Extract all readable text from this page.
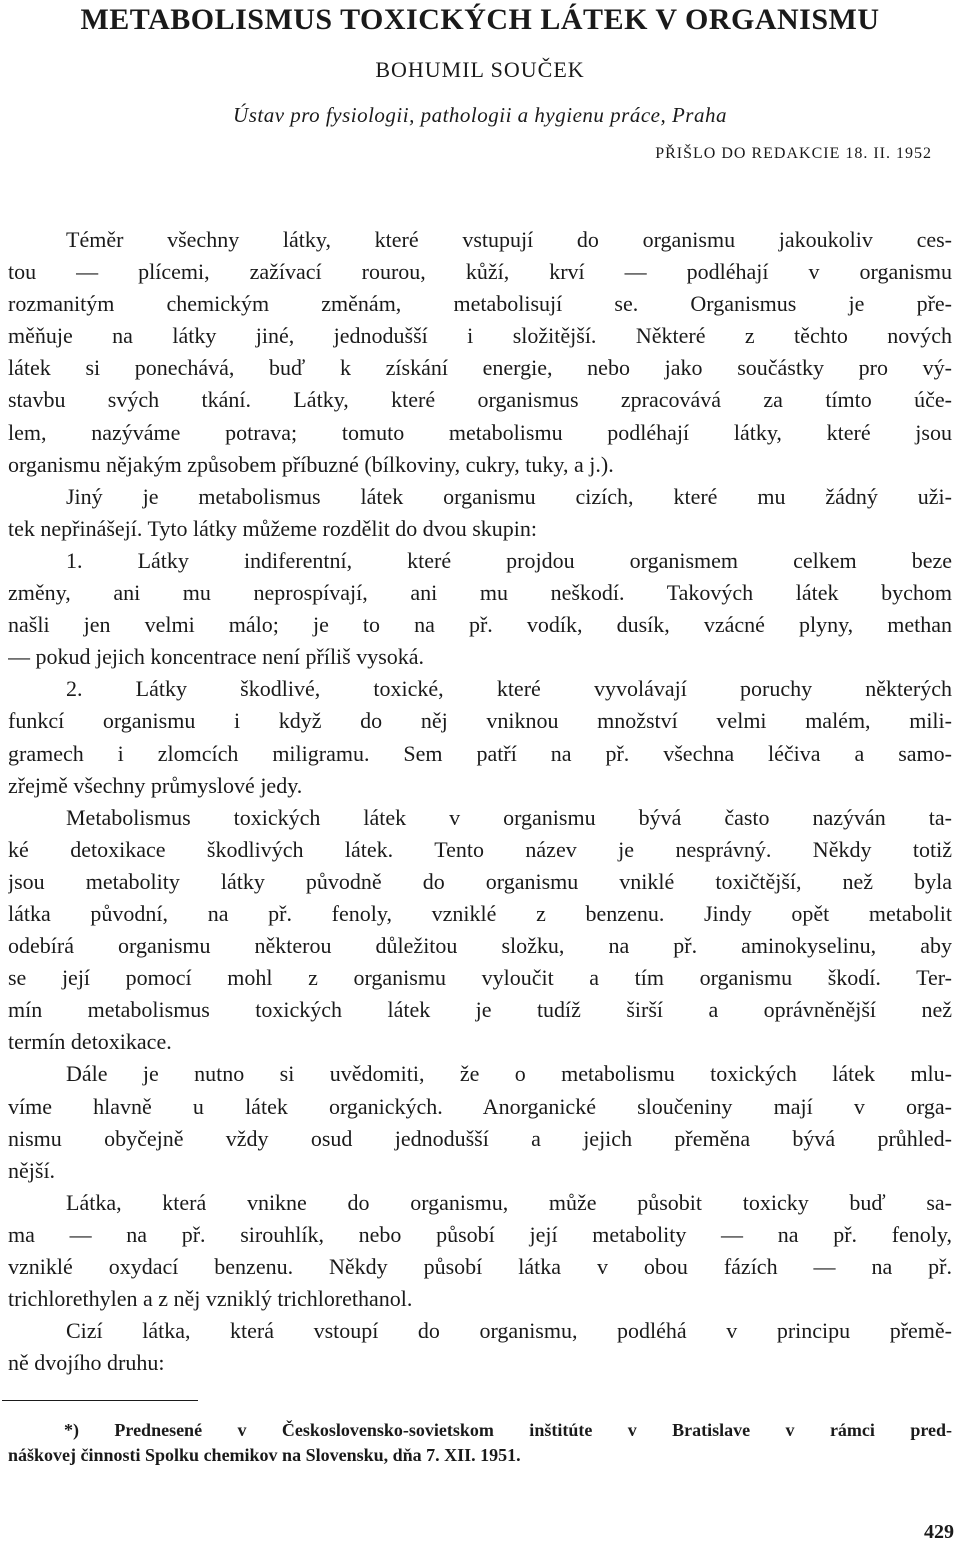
METABOLISMUS TOXICKÝCH LÁTEK V ORGANISMU
BOHUMIL SOUČEK
Ústav pro fysiologii, pathologii a hygienu práce, Praha
PŘIŠLO DO REDAKCIE 18. II. 1952
Téměr všechny látky, které vstupují do organismu jakoukoliv ces-
tou — plícemi, zažívací rourou, kůží, krví — podléhají v organismu
rozmanitým chemickým změnám, metabolisují se. Organismus je pře-
měňuje na látky jiné, jednodušší i složitější. Některé z těchto nových
látek si ponechává, buď k získání energie, nebo jako součástky pro vý-
stavbu svých tkání. Látky, které organismus zpracovává za tímto úče-
lem, nazýváme potrava; tomuto metabolismu podléhají látky, které jsou
organismu nějakým způsobem příbuzné (bílkoviny, cukry, tuky, a j.).
Jiný je metabolismus látek organismu cizích, které mu žádný uži-
tek nepřinášejí. Tyto látky můžeme rozdělit do dvou skupin:
1. Látky indiferentní, které projdou organismem celkem beze
změny, ani mu neprospívají, ani mu neškodí. Takových látek bychom
našli jen velmi málo; je to na př. vodík, dusík, vzácné plyny, methan
— pokud jejich koncentrace není příliš vysoká.
2. Látky škodlivé, toxické, které vyvolávají poruchy některých
funkcí organismu i když do něj vniknou množství velmi malém, mili-
gramech i zlomcích miligramu. Sem patří na př. všechna léčiva a samo-
zřejmě všechny průmyslové jedy.
Metabolismus toxických látek v organismu bývá často nazýván ta-
ké detoxikace škodlivých látek. Tento název je nesprávný. Někdy totiž
jsou metabolity látky původně do organismu vniklé toxičtější, než byla
látka původní, na př. fenoly, vzniklé z benzenu. Jindy opět metabolit
odebírá organismu některou důležitou složku, na př. aminokyselinu, aby
se její pomocí mohl z organismu vyloučit a tím organismu škodí. Ter-
mín metabolismus toxických látek je tudíž širší a oprávněnější než
termín detoxikace.
Dále je nutno si uvědomiti, že o metabolismu toxických látek mlu-
víme hlavně u látek organických. Anorganické sloučeniny mají v orga-
nismu obyčejně vždy osud jednodušší a jejich přeměna bývá průhled-
nější.
Látka, která vnikne do organismu, může působit toxicky buď sa-
ma — na př. sirouhlík, nebo působí její metabolity — na př. fenoly,
vzniklé oxydací benzenu. Někdy působí látka v obou fázích — na př.
trichlorethylen a z něj vzniklý trichlorethanol.
Cizí látka, která vstoupí do organismu, podléhá v principu přemě-
ně dvojího druhu:
*) Prednesené v Československo-sovietskom inštitúte v Bratislave v rámci pred-
náškovej činnosti Spolku chemikov na Slovensku, dňa 7. XII. 1951.
429
